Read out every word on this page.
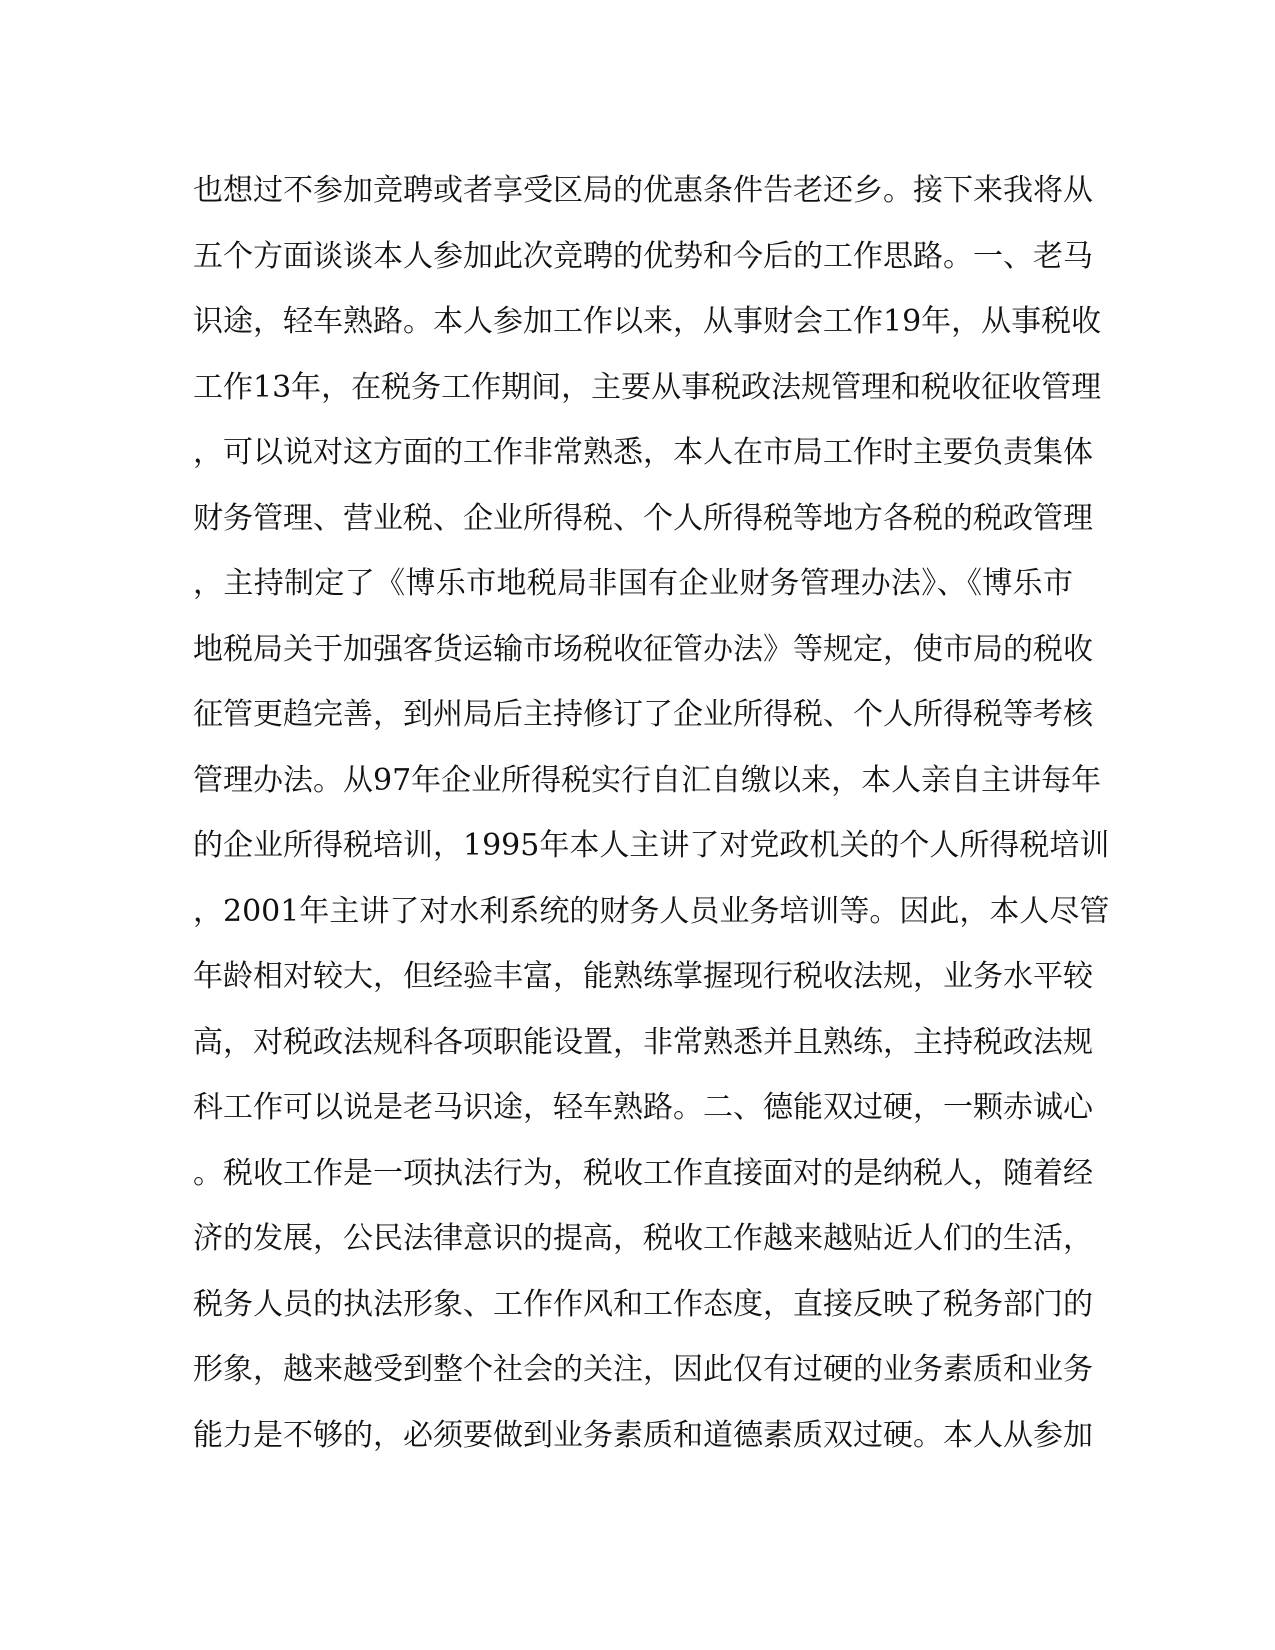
也想过不参加竞聘或者享受区局的优惠条件告老还乡。接下来我将从
五个方面谈谈本人参加此次竞聘的优势和今后的工作思路。一、老马
识途，轻车熟路。本人参加工作以来，从事财会工作19年，从事税收
工作13年，在税务工作期间，主要从事税政法规管理和税收征收管理
，可以说对这方面的工作非常熟悉，本人在市局工作时主要负责集体
财务管理、营业税、企业所得税、个人所得税等地方各税的税政管理
，主持制定了《博乐市地税局非国有企业财务管理办法》、《博乐市
地税局关于加强客货运输市场税收征管办法》等规定，使市局的税收
征管更趋完善，到州局后主持修订了企业所得税、个人所得税等考核
管理办法。从97年企业所得税实行自汇自缴以来，本人亲自主讲每年
的企业所得税培训，1995年本人主讲了对党政机关的个人所得税培训
，2001年主讲了对水利系统的财务人员业务培训等。因此，本人尽管
年龄相对较大，但经验丰富，能熟练掌握现行税收法规，业务水平较
高，对税政法规科各项职能设置，非常熟悉并且熟练，主持税政法规
科工作可以说是老马识途，轻车熟路。二、德能双过硬，一颗赤诚心
。税收工作是一项执法行为，税收工作直接面对的是纳税人，随着经
济的发展，公民法律意识的提高，税收工作越来越贴近人们的生活，
税务人员的执法形象、工作作风和工作态度，直接反映了税务部门的
形象，越来越受到整个社会的关注，因此仅有过硬的业务素质和业务
能力是不够的，必须要做到业务素质和道德素质双过硬。本人从参加
